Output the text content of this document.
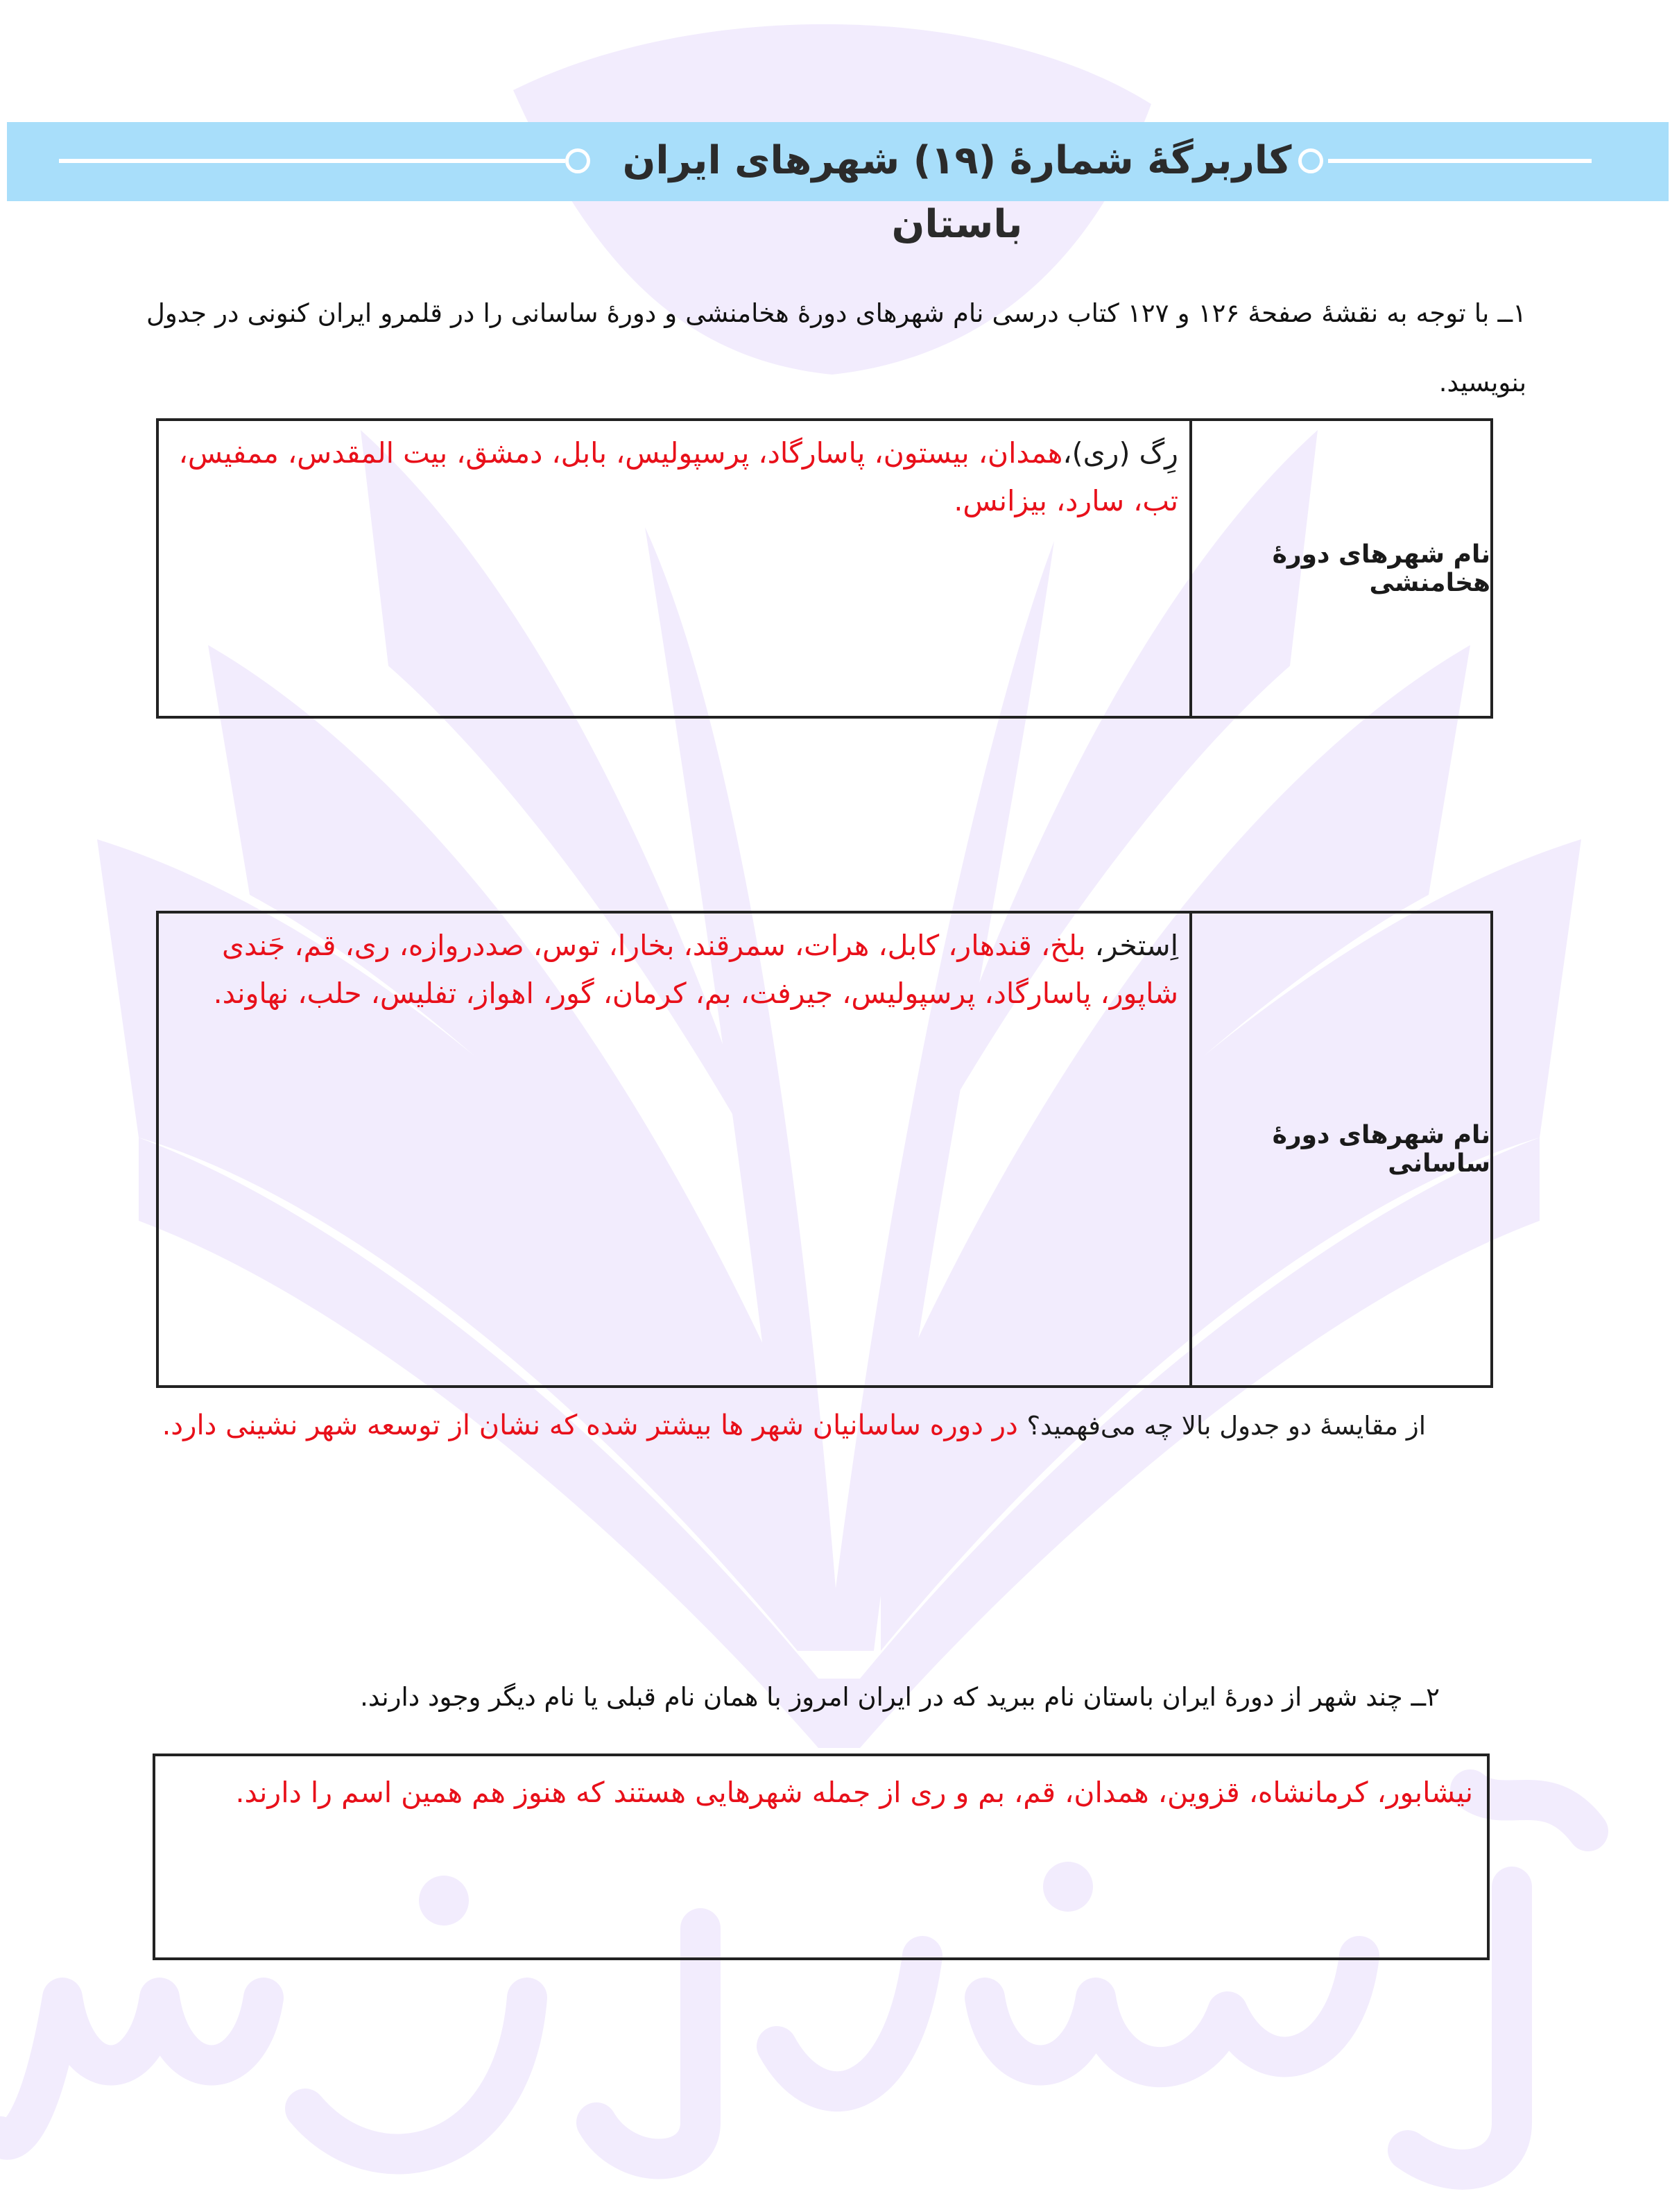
کاربرگۀ شمارۀ (۱۹) شهرهای ایران باستان
۱ــ با توجه به نقشۀ صفحۀ ۱۲۶ و ۱۲۷ کتاب درسی نام شهرهای دورۀ هخامنشی و دورۀ ساسانی را در قلمرو ایران کنونی در جدول بنویسید.
نام شهرهای دورۀ هخامنشی
رِگ (ری)،همدان، بیستون، پاسارگاد، پرسپولیس، بابل، دمشق، بیت المقدس، ممفیس، تب، سارد، بیزانس.
نام شهرهای دورۀ ساسانی
اِستخر، بلخ، قندهار، کابل، هرات، سمرقند، بخارا، توس، صددروازه، ری، قم، جَندی شاپور، پاسارگاد، پرسپولیس، جیرفت، بم، کرمان، گور، اهواز، تفلیس، حلب، نهاوند.
از مقایسۀ دو جدول بالا چه می‌فهمید؟ در دوره ساسانیان شهر ها بیشتر شده که نشان از توسعه شهر نشینی دارد.
۲ــ چند شهر از دورۀ ایران باستان نام ببرید که در ایران امروز با همان نام قبلی یا نام دیگر وجود دارند.
نیشابور، کرمانشاه، قزوین، همدان، قم، بم و ری از جمله شهرهایی هستند که هنوز هم همین اسم را دارند.
